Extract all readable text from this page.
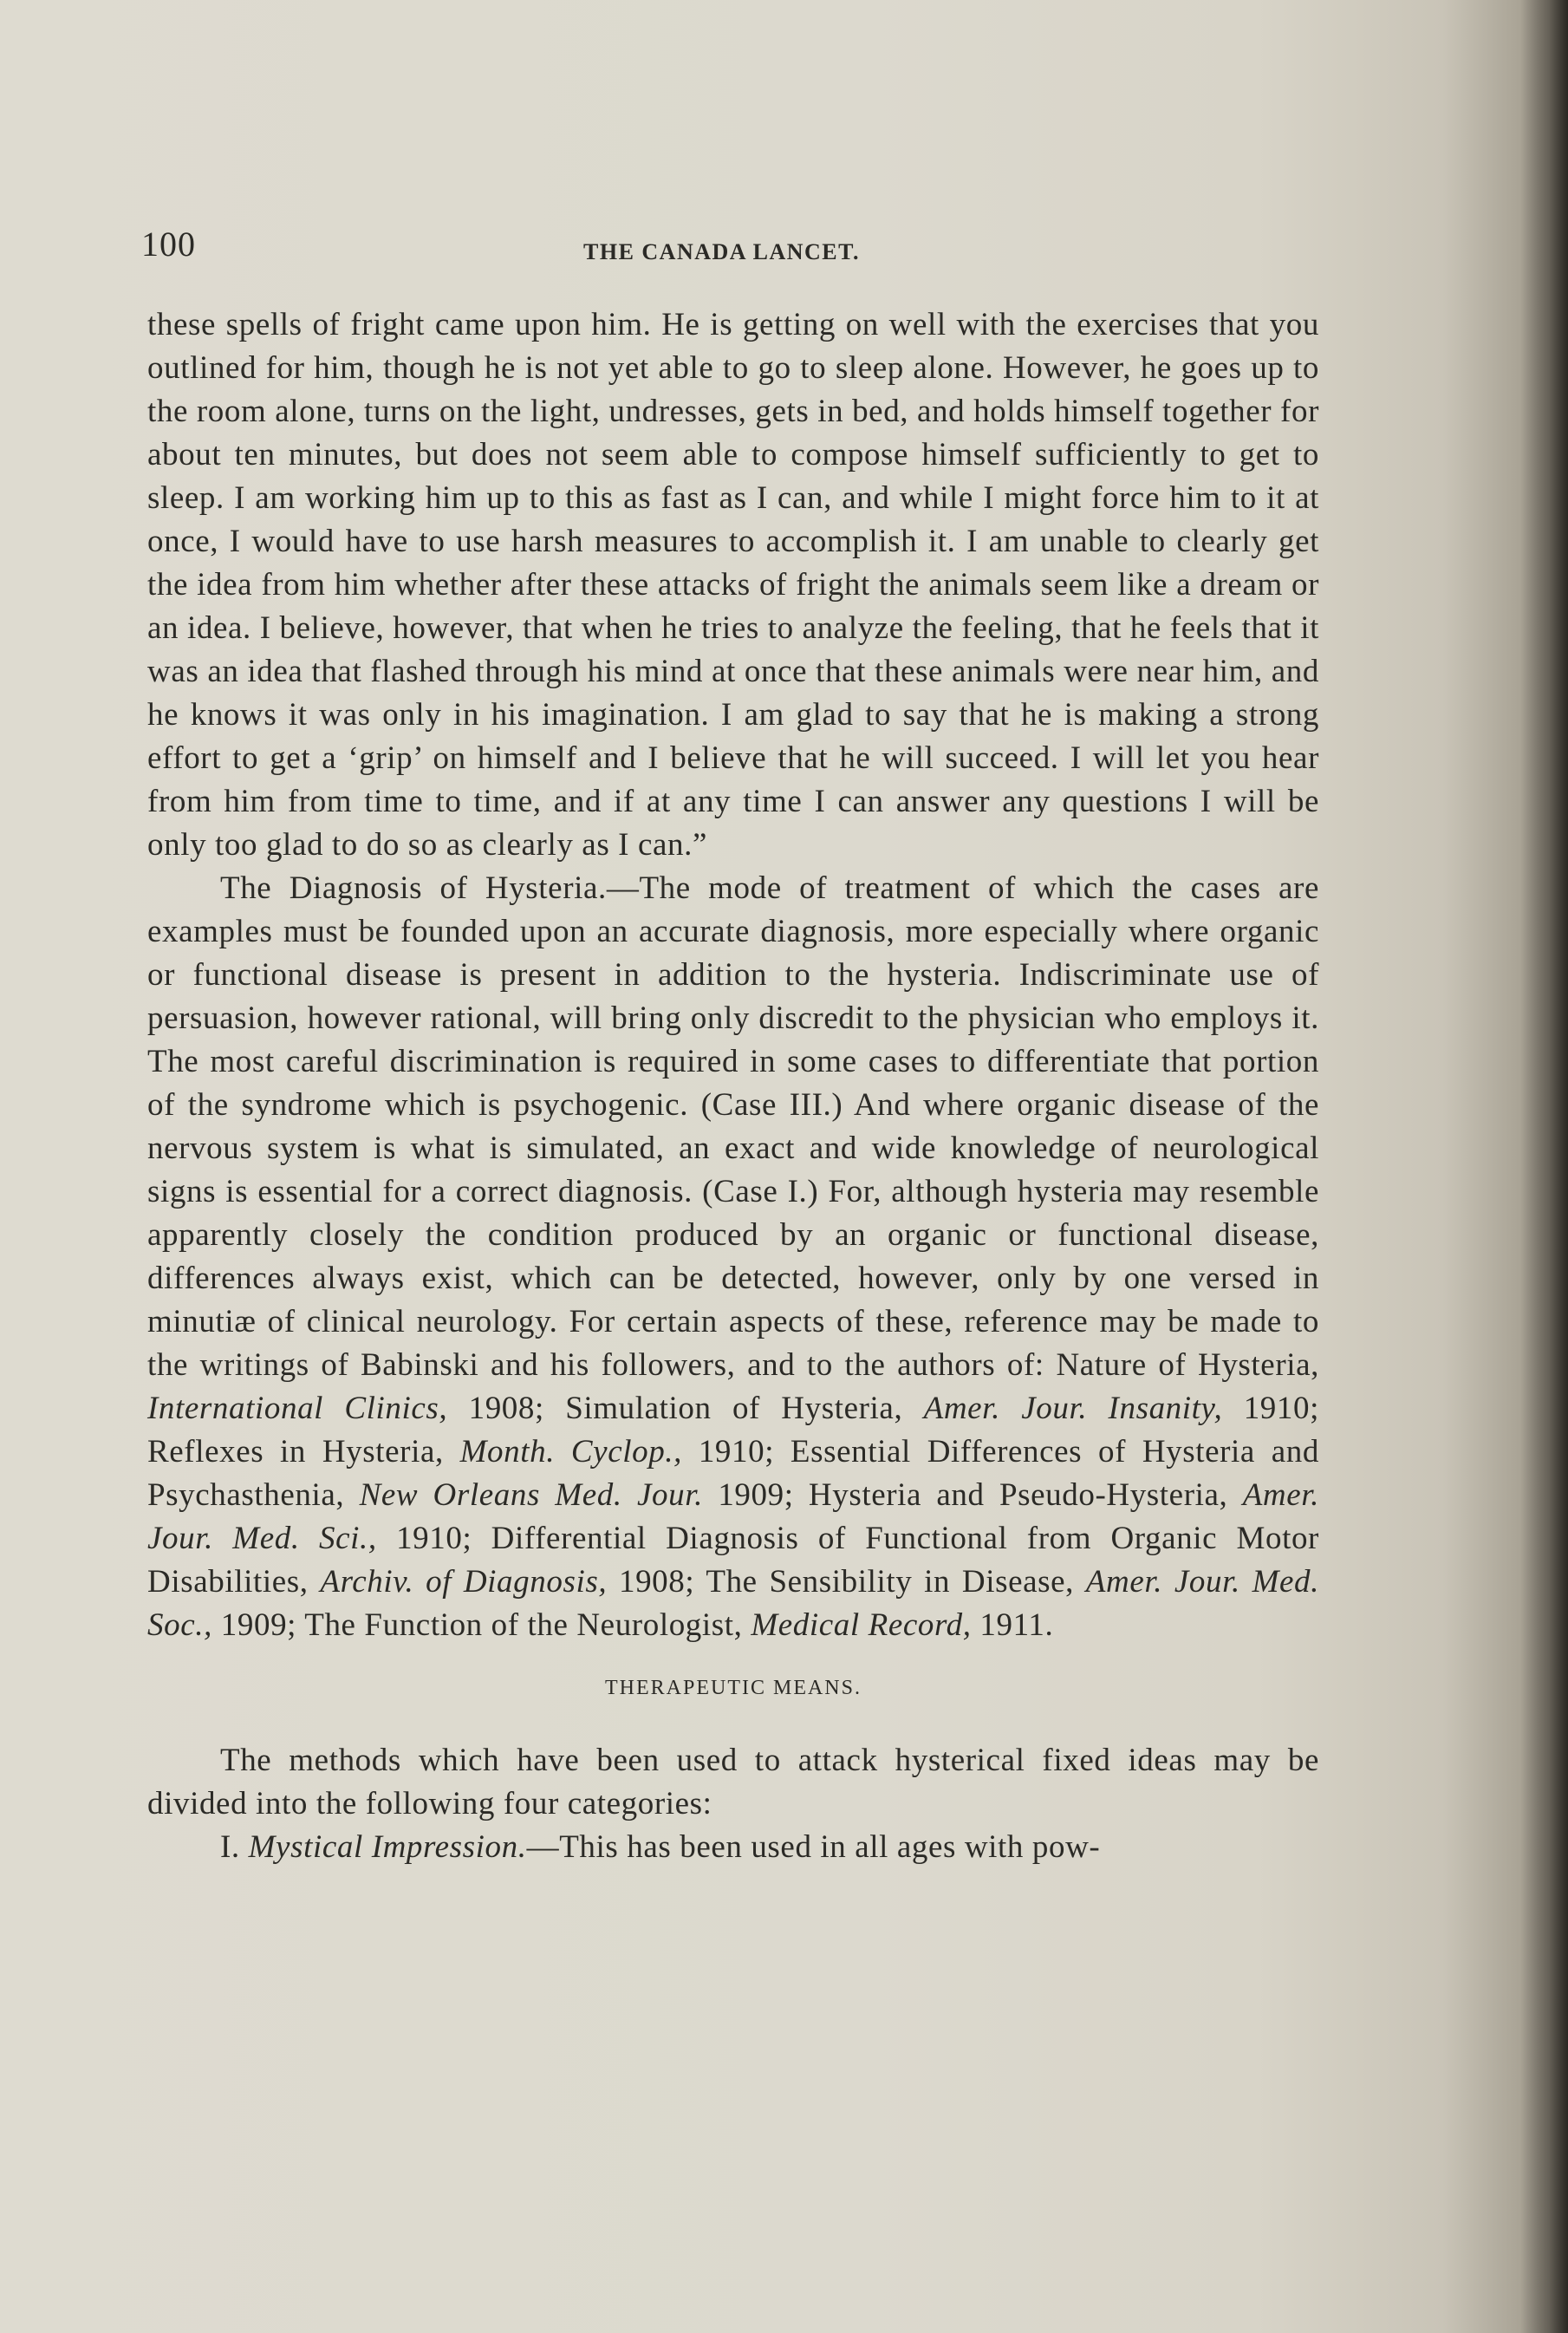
100	THE CANADA LANCET.

these spells of fright came upon him. He is getting on well with the exercises that you outlined for him, though he is not yet able to go to sleep alone. However, he goes up to the room alone, turns on the light, undresses, gets in bed, and holds himself together for about ten minutes, but does not seem able to compose himself sufficiently to get to sleep. I am working him up to this as fast as I can, and while I might force him to it at once, I would have to use harsh measures to accomplish it. I am unable to clearly get the idea from him whether after these attacks of fright the animals seem like a dream or an idea. I believe, however, that when he tries to analyze the feeling, that he feels that it was an idea that flashed through his mind at once that these animals were near him, and he knows it was only in his imagination. I am glad to say that he is making a strong effort to get a ‘grip’ on himself and I believe that he will succeed. I will let you hear from him from time to time, and if at any time I can answer any questions I will be only too glad to do so as clearly as I can.”

The Diagnosis of Hysteria.—The mode of treatment of which the cases are examples must be founded upon an accurate diagnosis, more especially where organic or functional disease is present in addition to the hysteria. Indiscriminate use of persuasion, however rational, will bring only discredit to the physician who employs it. The most careful discrimination is required in some cases to differentiate that portion of the syndrome which is psychogenic. (Case III.) And where organic disease of the nervous system is what is simulated, an exact and wide knowledge of neurological signs is essential for a correct diagnosis. (Case I.) For, although hysteria may resemble apparently closely the condition produced by an organic or functional disease, differences always exist, which can be detected, however, only by one versed in minutiæ of clinical neurology. For certain aspects of these, reference may be made to the writings of Babinski and his followers, and to the authors of: Nature of Hysteria, International Clinics, 1908; Simulation of Hysteria, Amer. Jour. Insanity, 1910; Reflexes in Hysteria, Month. Cyclop., 1910; Essential Differences of Hysteria and Psychasthenia, New Orleans Med. Jour. 1909; Hysteria and Pseudo-Hysteria, Amer. Jour. Med. Sci., 1910; Differential Diagnosis of Functional from Organic Motor Disabilities, Archiv. of Diagnosis, 1908; The Sensibility in Disease, Amer. Jour. Med. Soc., 1909; The Function of the Neurologist, Medical Record, 1911.

THERAPEUTIC MEANS.

The methods which have been used to attack hysterical fixed ideas may be divided into the following four categories:

I. Mystical Impression.—This has been used in all ages with pow-
